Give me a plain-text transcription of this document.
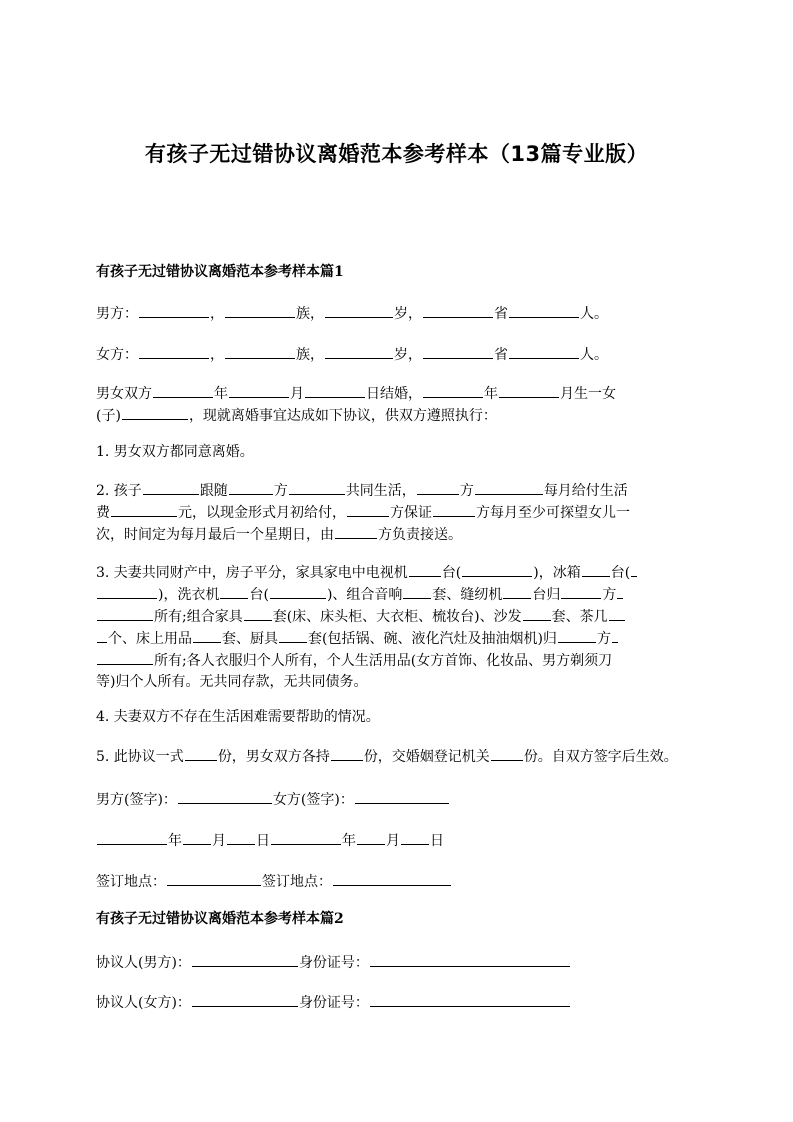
有孩子无过错协议离婚范本参考样本（13篇专业版）
有孩子无过错协议离婚范本参考样本篇1
男方：	，	族，	岁，	省	人。
女方：	，	族，	岁，	省	人。
男女双方	年	月	日结婚，	年	月生一女
(子)	，现就离婚事宜达成如下协议，供双方遵照执行：
1. 男女双方都同意离婚。
2. 孩子	跟随	方	共同生活，	方	每月给付生活
费	元，以现金形式月初给付，	方保证	方每月至少可探望女儿一
次，时间定为每月最后一个星期日，由	方负责接送。
3. 夫妻共同财产中，房子平分，家具家电中电视机 台(	)，冰箱 台(
)，洗衣机 台(	)、组合音响 套、缝纫机 台归	方
所有;组合家具 套(床、床头柜、大衣柜、梳妆台)、沙发 套、茶几
个、床上用品 套、厨具 套(包括锅、碗、液化汽灶及抽油烟机)归	方
所有;各人衣服归个人所有，个人生活用品(女方首饰、化妆品、男方剃须刀
等)归个人所有。无共同存款，无共同债务。
4. 夫妻双方不存在生活困难需要帮助的情况。
5. 此协议一式 份，男女双方各持 份，交婚姻登记机关 份。自双方签字后生效。
男方(签字)：	女方(签字)：
年 月 日	年 月 日
签订地点：	签订地点：
有孩子无过错协议离婚范本参考样本篇2
协议人(男方)：	身份证号：
协议人(女方)：	身份证号：
